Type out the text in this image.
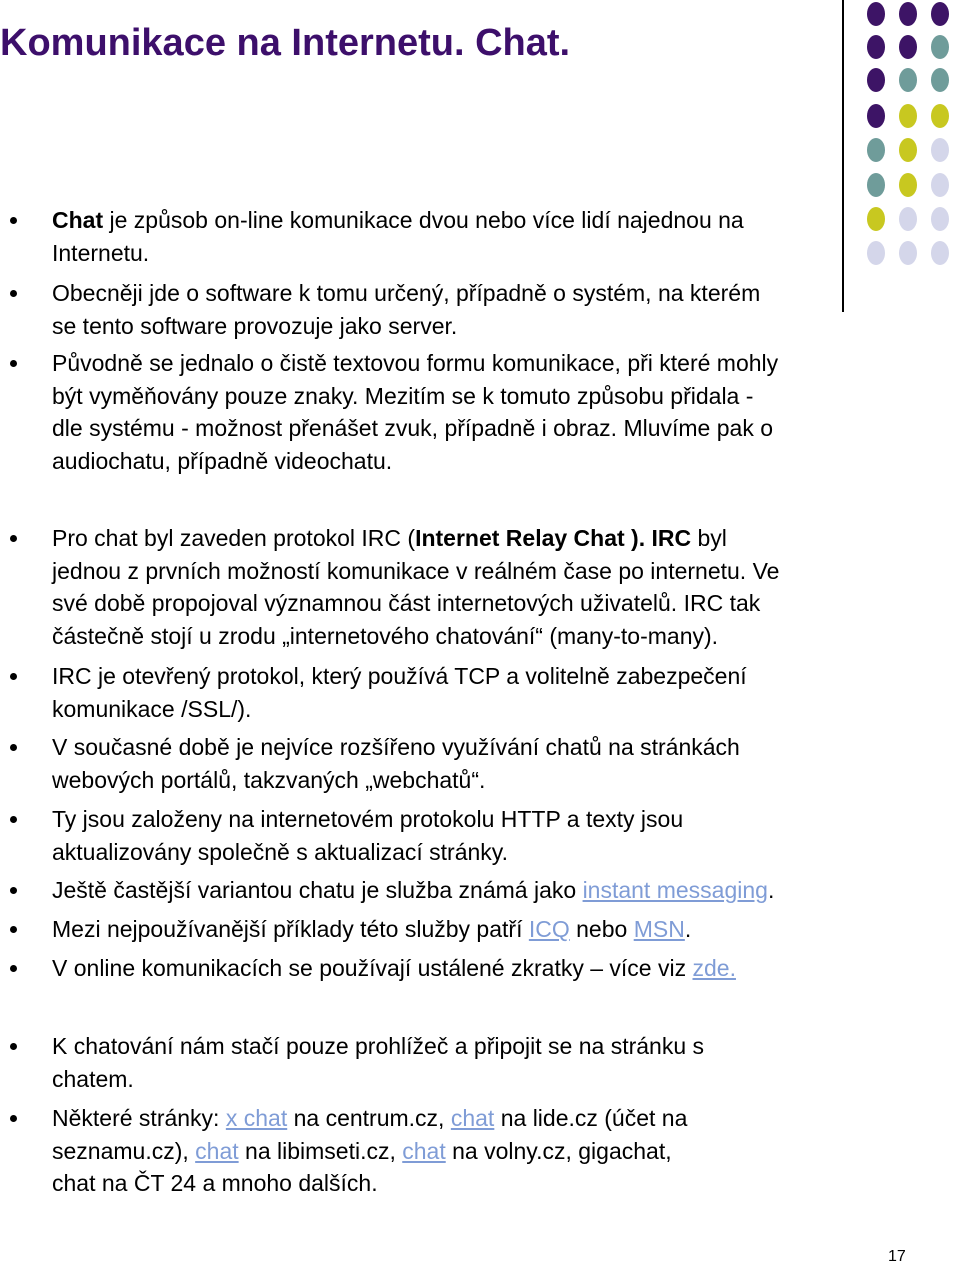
Komunikace na Internetu. Chat.
Chat je způsob on-line komunikace dvou nebo více lidí najednou na
Internetu.
Obecněji jde o software k tomu určený, případně o systém, na kterém
se tento software provozuje jako server.
Původně se jednalo o čistě textovou formu komunikace, při které mohly
být vyměňovány pouze znaky. Mezitím se k tomuto způsobu přidala -
dle systému - možnost přenášet zvuk, případně i obraz. Mluvíme pak o
audiochatu, případně videochatu.
Pro chat byl zaveden protokol IRC (Internet Relay Chat ). IRC byl
jednou z prvních možností komunikace v reálném čase po internetu. Ve
své době propojoval významnou část internetových uživatelů. IRC tak
částečně stojí u zrodu „internetového chatování“ (many-to-many).
IRC je otevřený protokol, který používá TCP a volitelně zabezpečení
komunikace /SSL/).
V současné době je nejvíce rozšířeno využívání chatů na stránkách
webových portálů, takzvaných „webchatů“.
Ty jsou založeny na internetovém protokolu HTTP a texty jsou
aktualizovány společně s aktualizací stránky.
Ještě častější variantou chatu je služba známá jako instant messaging.
Mezi nejpoužívanější příklady této služby patří ICQ nebo MSN.
V online komunikacích se používají ustálené zkratky – více viz zde.
K chatování nám stačí pouze prohlížeč a připojit se na stránku s
chatem.
Některé stránky: x chat na centrum.cz, chat na lide.cz (účet na
seznamu.cz), chat na libimseti.cz, chat na volny.cz, gigachat,
chat na ČT 24 a mnoho dalších.
17
